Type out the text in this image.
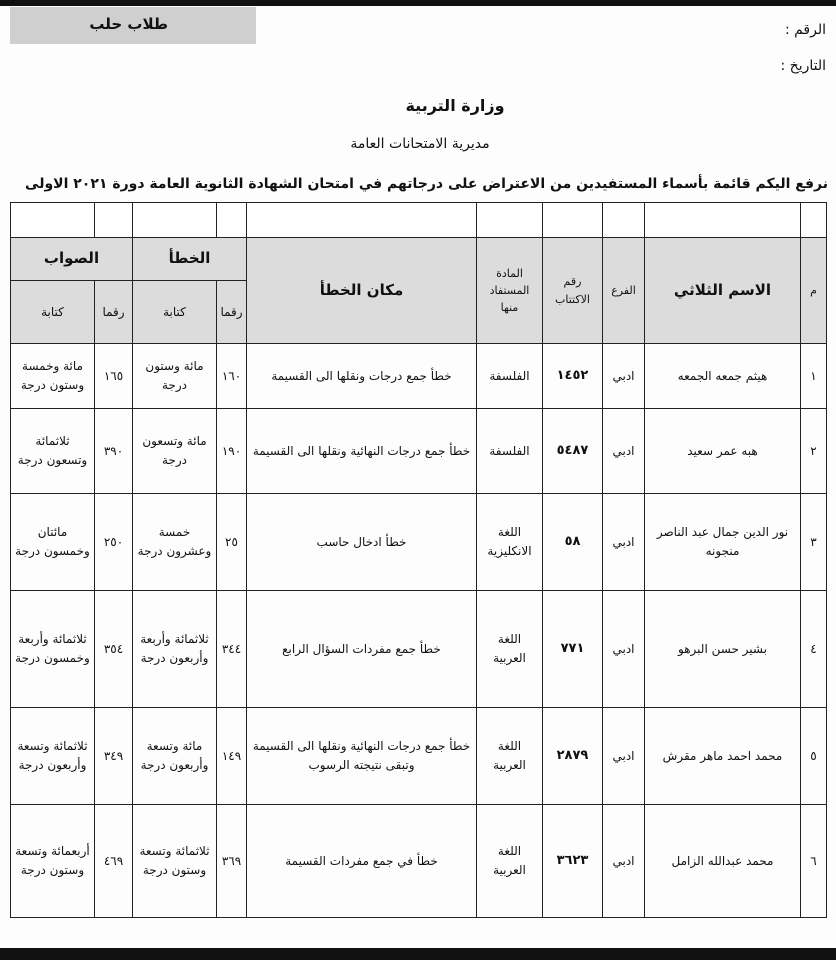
طلاب حلب	الرقم :
التاريخ :
وزارة التربية
مديرية الامتحانات العامة
نرفع اليكم قائمة بأسماء المستفيدين من الاعتراض على درجاتهم في امتحان الشهادة الثانوية العامة دورة ٢٠٢١ الاولى

م	الاسم الثلاثي	الفرع	رقم الاكتتاب	المادة المستفاد منها	مكان الخطأ	الخطأ		الصواب	
						رقما	كتابة	رقما	كتابة
١	هيثم جمعه الجمعه	ادبي	١٤٥٢	الفلسفة	خطأ جمع درجات ونقلها الى القسيمة	١٦٠	مائة وستون درجة	١٦٥	مائة وخمسة وستون درجة
٢	هبه عمر سعيد	ادبي	٥٤٨٧	الفلسفة	خطأ جمع درجات النهائية ونقلها الى القسيمة	١٩٠	مائة وتسعون درجة	٣٩٠	ثلاثمائة وتسعون درجة
٣	نور الدين جمال عبد الناصر منجونه	ادبي	٥٨	اللغة الانكليزية	خطأ ادخال حاسب	٢٥	خمسة وعشرون درجة	٢٥٠	مائتان وخمسون درجة
٤	بشير حسن البرهو	ادبي	٧٧١	اللغة العربية	خطأ جمع مفردات السؤال الرابع	٣٤٤	ثلاثمائة وأربعة وأربعون درجة	٣٥٤	ثلاثمائة وأربعة وخمسون درجة
٥	محمد احمد ماهر مقرش	ادبي	٢٨٧٩	اللغة العربية	خطأ جمع درجات النهائية ونقلها الى القسيمة وتبقى نتيجته الرسوب	١٤٩	مائة وتسعة وأربعون درجة	٣٤٩	ثلاثمائة وتسعة وأربعون درجة
٦	محمد عبدالله الزامل	ادبي	٣٦٢٣	اللغة العربية	خطأ في جمع مفردات القسيمة	٣٦٩	ثلاثمائة وتسعة وستون درجة	٤٦٩	أربعمائة وتسعة وستون درجة
